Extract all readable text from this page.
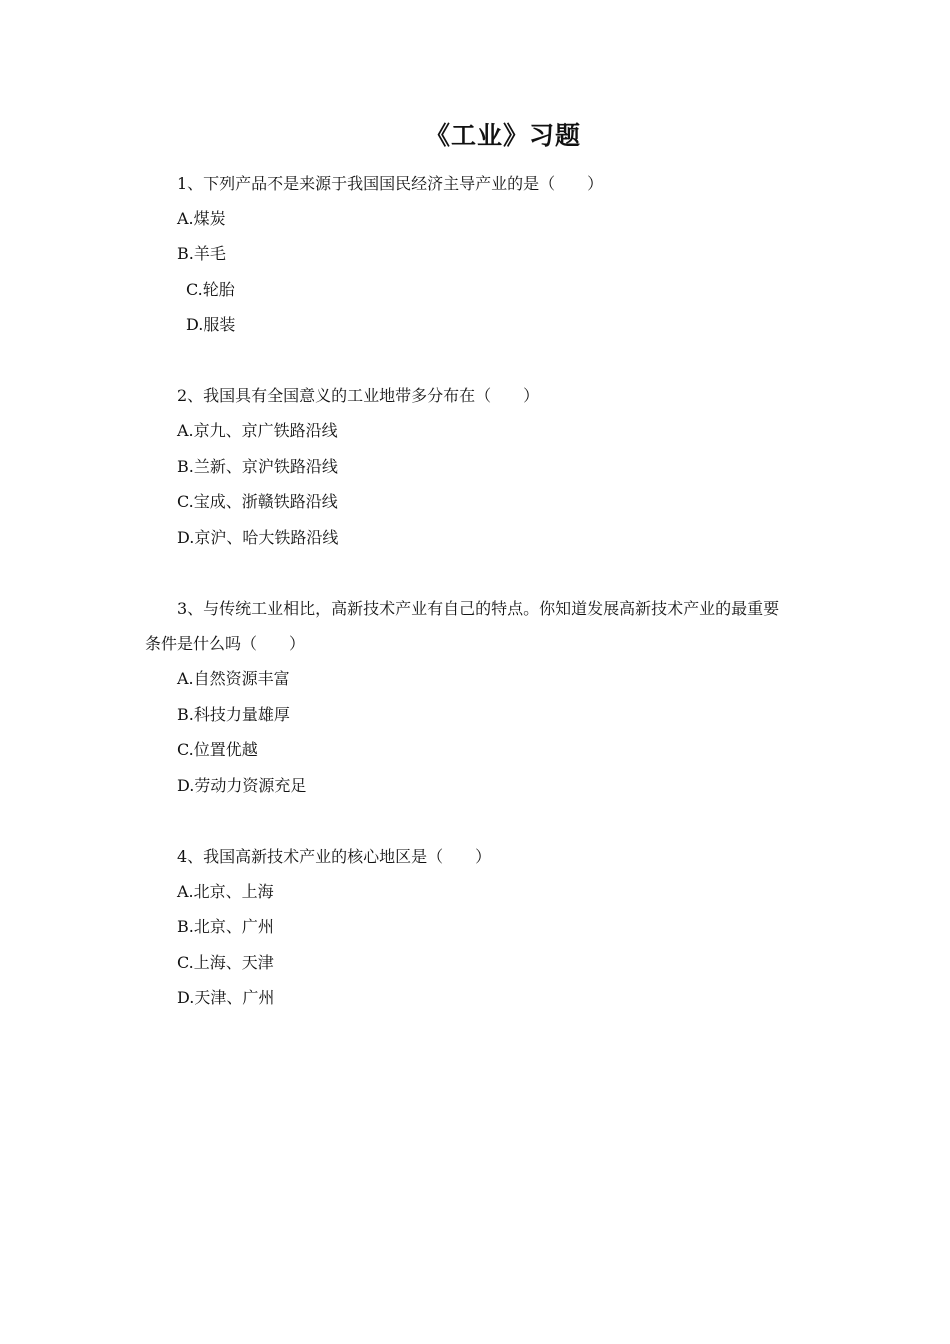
《工业》习题
1、下列产品不是来源于我国国民经济主导产业的是（　　）
A.煤炭
B.羊毛
C.轮胎
D.服装
2、我国具有全国意义的工业地带多分布在（　　）
A.京九、京广铁路沿线
B.兰新、京沪铁路沿线
C.宝成、浙赣铁路沿线
D.京沪、哈大铁路沿线
3、与传统工业相比，高新技术产业有自己的特点。你知道发展高新技术产业的最重要
条件是什么吗（　　）
A.自然资源丰富
B.科技力量雄厚
C.位置优越
D.劳动力资源充足
4、我国高新技术产业的核心地区是（　　）
A.北京、上海
B.北京、广州
C.上海、天津
D.天津、广州
